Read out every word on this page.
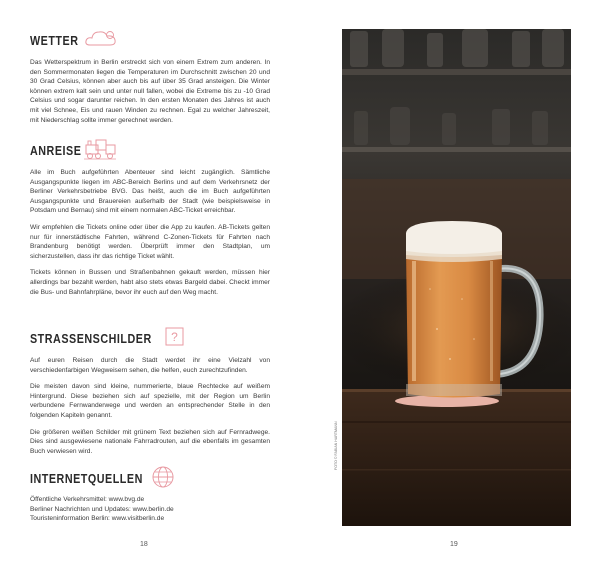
WETTER

Das Wetterspektrum in Berlin erstreckt sich von einem Extrem zum anderen. In den Sommermonaten liegen die Temperaturen im Durchschnitt zwischen 20 und 30 Grad Celsius, können aber auch bis auf über 35 Grad ansteigen. Die Winter können extrem kalt sein und unter null fallen, wobei die Extreme bis zu -10 Grad Celsius und sogar darunter reichen. In den ersten Monaten des Jahres ist auch mit viel Schnee, Eis und rauen Winden zu rechnen. Egal zu welcher Jahreszeit, mit Niederschlag sollte immer gerechnet werden.

ANREISE

Alle im Buch aufgeführten Abenteuer sind leicht zugänglich. Sämtliche Ausgangspunkte liegen im ABC-Bereich Berlins und auf dem Verkehrsnetz der Berliner Verkehrsbetriebe BVG. Das heißt, auch die im Buch aufgeführten Ausgangspunkte und Brauereien außerhalb der Stadt (wie beispielsweise in Potsdam und Bernau) sind mit einem normalen ABC-Ticket erreichbar.

Wir empfehlen die Tickets online oder über die App zu kaufen. AB-Tickets gelten nur für innerstädtische Fahrten, während C-Zonen-Tickets für Fahrten nach Brandenburg benötigt werden. Überprüft immer den Stadtplan, um sicherzustellen, dass ihr das richtige Ticket wählt.

Tickets können in Bussen und Straßenbahnen gekauft werden, müssen hier allerdings bar bezahlt werden, habt also stets etwas Bargeld dabei. Checkt immer die Bus- und Bahnfahrpläne, bevor ihr euch auf den Weg macht.

STRASSENSCHILDER ?

Auf euren Reisen durch die Stadt werdet ihr eine Vielzahl von verschiedenfarbigen Wegweisern sehen, die helfen, euch zurechtzufinden.

Die meisten davon sind kleine, nummerierte, blaue Rechtecke auf weißem Hintergrund. Diese beziehen sich auf spezielle, mit der Region um Berlin verbundene Fernwanderwege und werden an entsprechender Stelle in den folgenden Kapiteln genannt.

Die größeren weißen Schilder mit grünem Text beziehen sich auf Fernradwege. Dies sind ausgewiesene nationale Fahrradrouten, auf die ebenfalls im gesamten Buch verwiesen wird.

INTERNETQUELLEN
Öffentliche Verkehrsmittel: www.bvg.de
Berliner Nachrichten und Updates: www.berlin.de
Touristeninformation Berlin: www.visitberlin.de
18
FOTO © FABIAN HARTMANN
19
